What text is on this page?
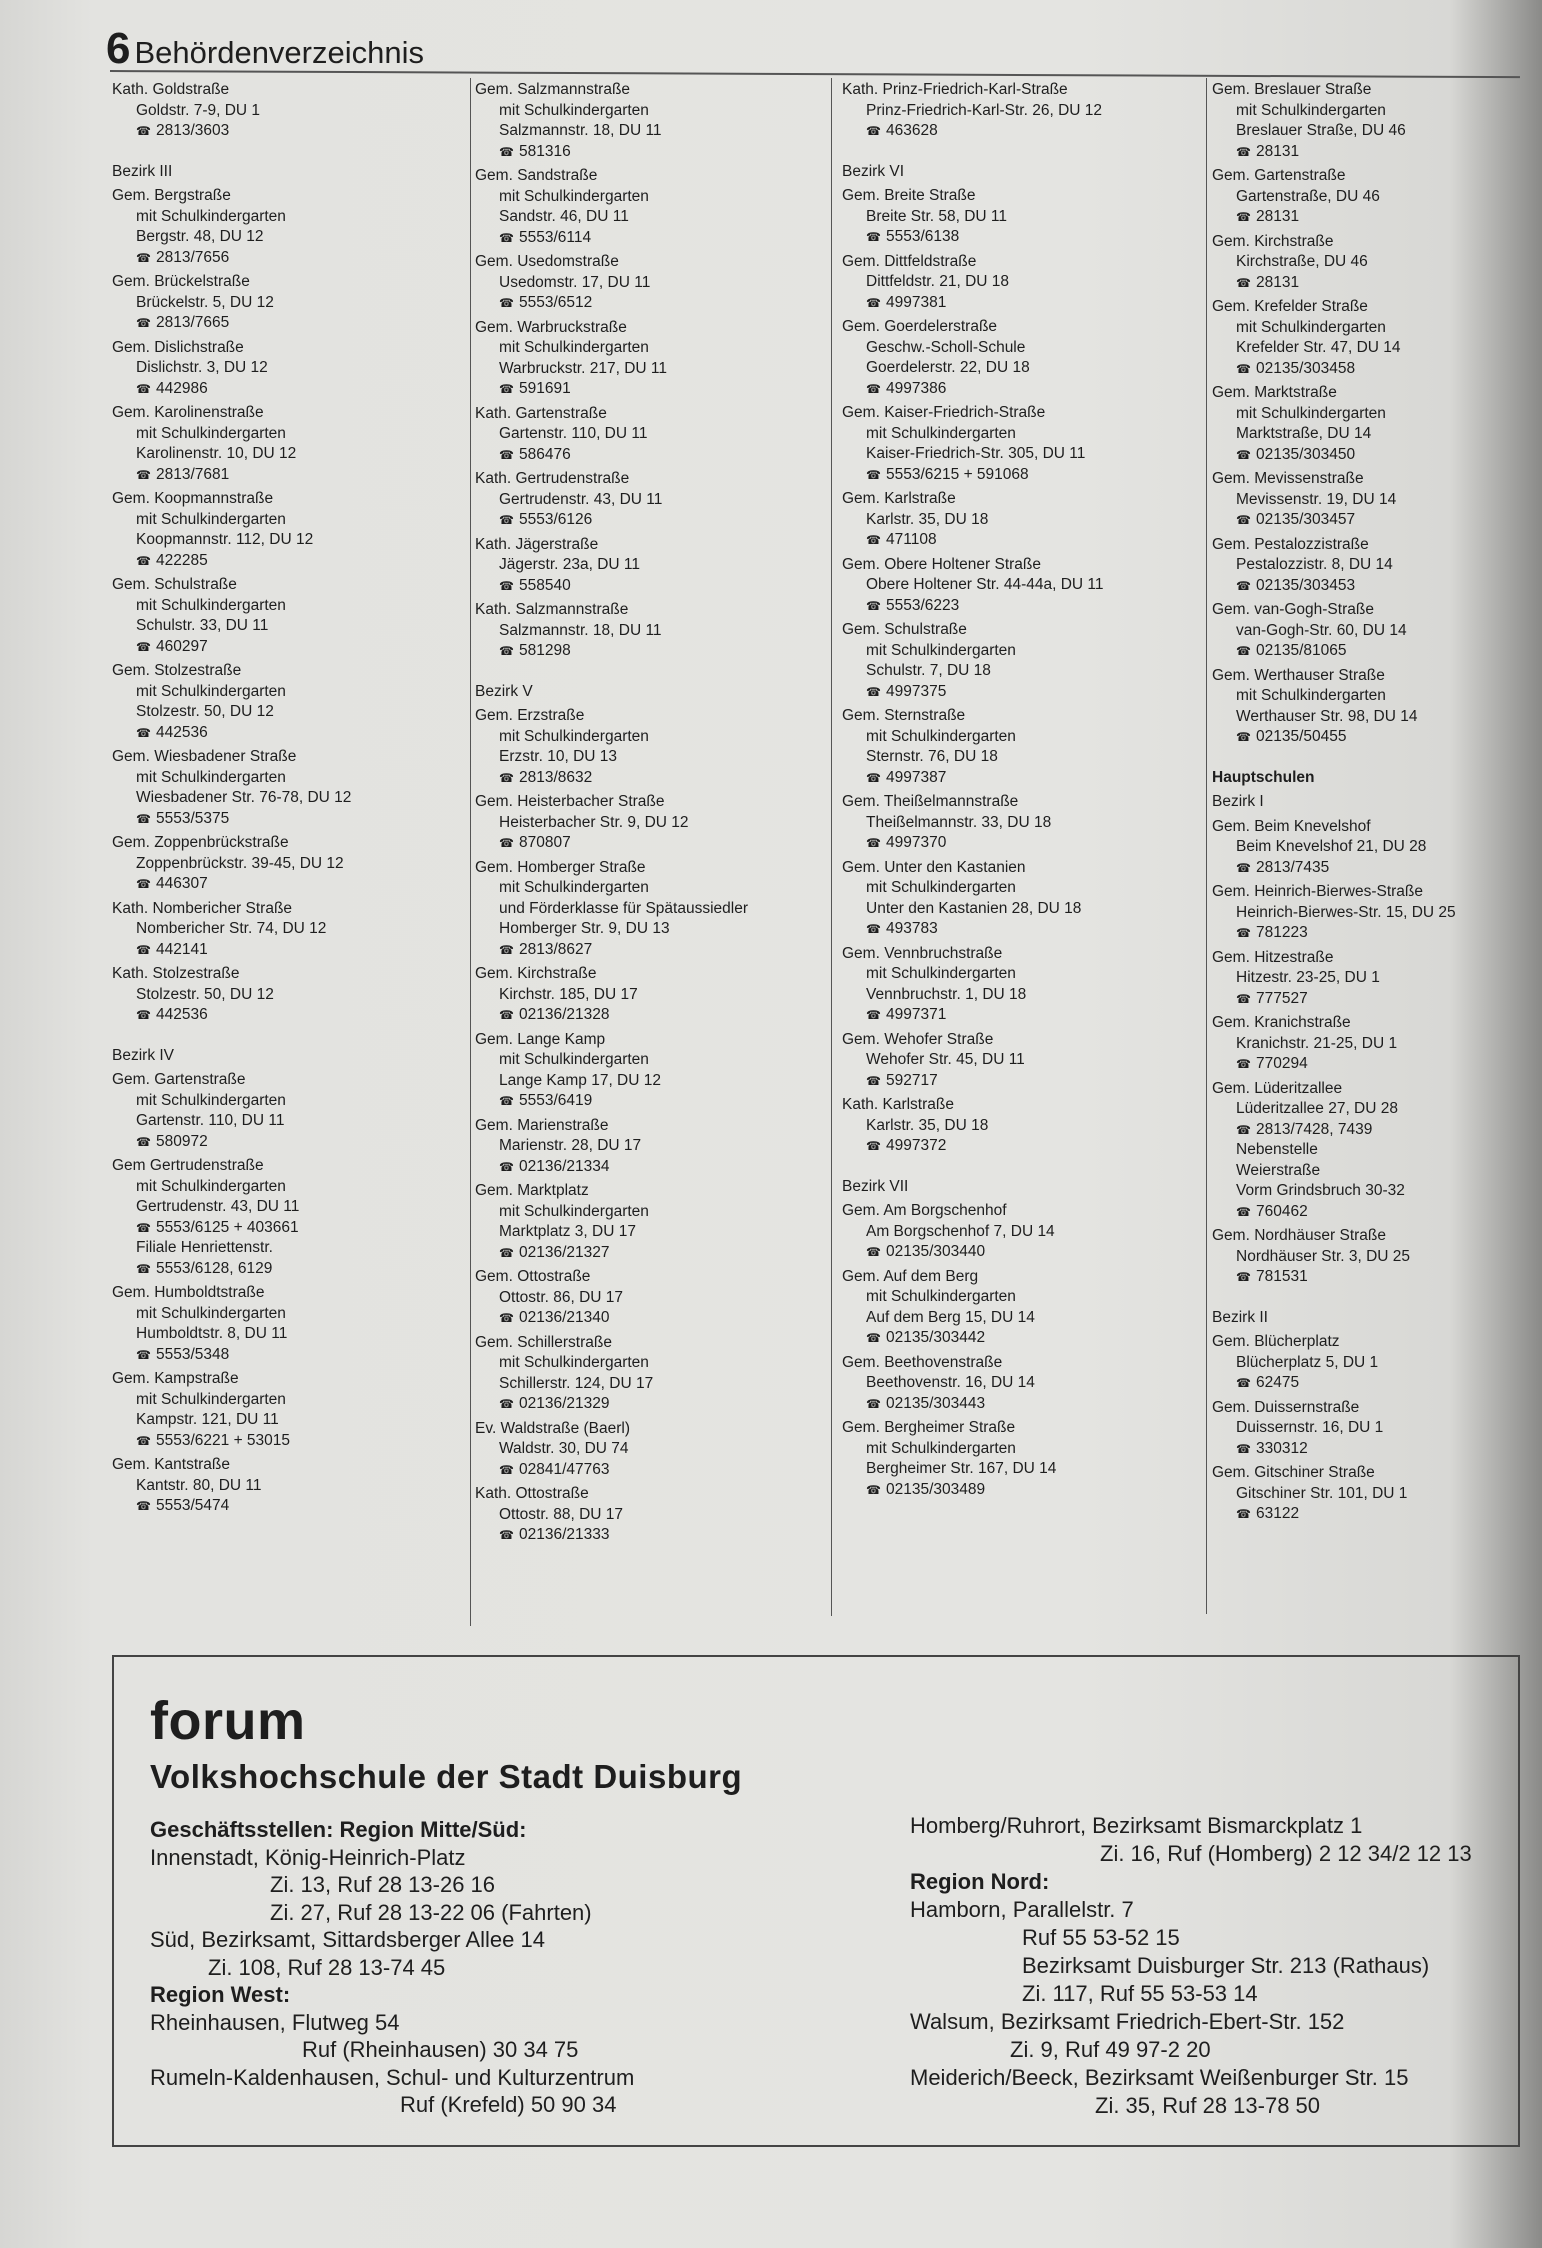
6 Behördenverzeichnis
Kath. Goldstraße
Goldstr. 7-9, DU 1
☎ 2813/3603
Bezirk III
Gem. Bergstraße
mit Schulkindergarten
Bergstr. 48, DU 12
☎ 2813/7656
Gem. Brückelstraße
Brückelstr. 5, DU 12
☎ 2813/7665
Gem. Dislichstraße
Dislichstr. 3, DU 12
☎ 442986
Gem. Karolinenstraße
mit Schulkindergarten
Karolinenstr. 10, DU 12
☎ 2813/7681
Gem. Koopmannstraße
mit Schulkindergarten
Koopmannstr. 112, DU 12
☎ 422285
Gem. Schulstraße
mit Schulkindergarten
Schulstr. 33, DU 11
☎ 460297
Gem. Stolzestraße
mit Schulkindergarten
Stolzestr. 50, DU 12
☎ 442536
Gem. Wiesbadener Straße
mit Schulkindergarten
Wiesbadener Str. 76-78, DU 12
☎ 5553/5375
Gem. Zoppenbrückstraße
Zoppenbrückstr. 39-45, DU 12
☎ 446307
Kath. Nombericher Straße
Nombericher Str. 74, DU 12
☎ 442141
Kath. Stolzestraße
Stolzestr. 50, DU 12
☎ 442536
Bezirk IV
Gem. Gartenstraße
mit Schulkindergarten
Gartenstr. 110, DU 11
☎ 580972
Gem Gertrudenstraße
mit Schulkindergarten
Gertrudenstr. 43, DU 11
☎ 5553/6125 + 403661
Filiale Henriettenstr.
☎ 5553/6128, 6129
Gem. Humboldtstraße
mit Schulkindergarten
Humboldtstr. 8, DU 11
☎ 5553/5348
Gem. Kampstraße
mit Schulkindergarten
Kampstr. 121, DU 11
☎ 5553/6221 + 53015
Gem. Kantstraße
Kantstr. 80, DU 11
☎ 5553/5474
Gem. Salzmannstraße
mit Schulkindergarten
Salzmannstr. 18, DU 11
☎ 581316
Gem. Sandstraße
mit Schulkindergarten
Sandstr. 46, DU 11
☎ 5553/6114
Gem. Usedomstraße
Usedomstr. 17, DU 11
☎ 5553/6512
Gem. Warbruckstraße
mit Schulkindergarten
Warbruckstr. 217, DU 11
☎ 591691
Kath. Gartenstraße
Gartenstr. 110, DU 11
☎ 586476
Kath. Gertrudenstraße
Gertrudenstr. 43, DU 11
☎ 5553/6126
Kath. Jägerstraße
Jägerstr. 23a, DU 11
☎ 558540
Kath. Salzmannstraße
Salzmannstr. 18, DU 11
☎ 581298
Bezirk V
Gem. Erzstraße
mit Schulkindergarten
Erzstr. 10, DU 13
☎ 2813/8632
Gem. Heisterbacher Straße
Heisterbacher Str. 9, DU 12
☎ 870807
Gem. Homberger Straße
mit Schulkindergarten
und Förderklasse für Spätaussiedler
Homberger Str. 9, DU 13
☎ 2813/8627
Gem. Kirchstraße
Kirchstr. 185, DU 17
☎ 02136/21328
Gem. Lange Kamp
mit Schulkindergarten
Lange Kamp 17, DU 12
☎ 5553/6419
Gem. Marienstraße
Marienstr. 28, DU 17
☎ 02136/21334
Gem. Marktplatz
mit Schulkindergarten
Marktplatz 3, DU 17
☎ 02136/21327
Gem. Ottostraße
Ottostr. 86, DU 17
☎ 02136/21340
Gem. Schillerstraße
mit Schulkindergarten
Schillerstr. 124, DU 17
☎ 02136/21329
Ev. Waldstraße (Baerl)
Waldstr. 30, DU 74
☎ 02841/47763
Kath. Ottostraße
Ottostr. 88, DU 17
☎ 02136/21333
Kath. Prinz-Friedrich-Karl-Straße
Prinz-Friedrich-Karl-Str. 26, DU 12
☎ 463628
Bezirk VI
Gem. Breite Straße
Breite Str. 58, DU 11
☎ 5553/6138
Gem. Dittfeldstraße
Dittfeldstr. 21, DU 18
☎ 4997381
Gem. Goerdelerstraße
Geschw.-Scholl-Schule
Goerdelerstr. 22, DU 18
☎ 4997386
Gem. Kaiser-Friedrich-Straße
mit Schulkindergarten
Kaiser-Friedrich-Str. 305, DU 11
☎ 5553/6215 + 591068
Gem. Karlstraße
Karlstr. 35, DU 18
☎ 471108
Gem. Obere Holtener Straße
Obere Holtener Str. 44-44a, DU 11
☎ 5553/6223
Gem. Schulstraße
mit Schulkindergarten
Schulstr. 7, DU 18
☎ 4997375
Gem. Sternstraße
mit Schulkindergarten
Sternstr. 76, DU 18
☎ 4997387
Gem. Theißelmannstraße
Theißelmannstr. 33, DU 18
☎ 4997370
Gem. Unter den Kastanien
mit Schulkindergarten
Unter den Kastanien 28, DU 18
☎ 493783
Gem. Vennbruchstraße
mit Schulkindergarten
Vennbruchstr. 1, DU 18
☎ 4997371
Gem. Wehofer Straße
Wehofer Str. 45, DU 11
☎ 592717
Kath. Karlstraße
Karlstr. 35, DU 18
☎ 4997372
Bezirk VII
Gem. Am Borgschenhof
Am Borgschenhof 7, DU 14
☎ 02135/303440
Gem. Auf dem Berg
mit Schulkindergarten
Auf dem Berg 15, DU 14
☎ 02135/303442
Gem. Beethovenstraße
Beethovenstr. 16, DU 14
☎ 02135/303443
Gem. Bergheimer Straße
mit Schulkindergarten
Bergheimer Str. 167, DU 14
☎ 02135/303489
Gem. Breslauer Straße
mit Schulkindergarten
Breslauer Straße, DU 46
☎ 28131
Gem. Gartenstraße
Gartenstraße, DU 46
☎ 28131
Gem. Kirchstraße
Kirchstraße, DU 46
☎ 28131
Gem. Krefelder Straße
mit Schulkindergarten
Krefelder Str. 47, DU 14
☎ 02135/303458
Gem. Marktstraße
mit Schulkindergarten
Marktstraße, DU 14
☎ 02135/303450
Gem. Mevissenstraße
Mevissenstr. 19, DU 14
☎ 02135/303457
Gem. Pestalozzistraße
Pestalozzistr. 8, DU 14
☎ 02135/303453
Gem. van-Gogh-Straße
van-Gogh-Str. 60, DU 14
☎ 02135/81065
Gem. Werthauser Straße
mit Schulkindergarten
Werthauser Str. 98, DU 14
☎ 02135/50455
Hauptschulen
Bezirk I
Gem. Beim Knevelshof
Beim Knevelshof 21, DU 28
☎ 2813/7435
Gem. Heinrich-Bierwes-Straße
Heinrich-Bierwes-Str. 15, DU 25
☎ 781223
Gem. Hitzestraße
Hitzestr. 23-25, DU 1
☎ 777527
Gem. Kranichstraße
Kranichstr. 21-25, DU 1
☎ 770294
Gem. Lüderitzallee
Lüderitzallee 27, DU 28
☎ 2813/7428, 7439
Nebenstelle
Weierstraße
Vorm Grindsbruch 30-32
☎ 760462
Gem. Nordhäuser Straße
Nordhäuser Str. 3, DU 25
☎ 781531
Bezirk II
Gem. Blücherplatz
Blücherplatz 5, DU 1
☎ 62475
Gem. Duissernstraße
Duissernstr. 16, DU 1
☎ 330312
Gem. Gitschiner Straße
Gitschiner Str. 101, DU 1
☎ 63122
forum
Volkshochschule der Stadt Duisburg
Geschäftsstellen: Region Mitte/Süd:
Innenstadt, König-Heinrich-Platz
Zi. 13, Ruf 28 13-26 16
Zi. 27, Ruf 28 13-22 06 (Fahrten)
Süd, Bezirksamt, Sittardsberger Allee 14
Zi. 108, Ruf 28 13-74 45
Region West:
Rheinhausen, Flutweg 54
Ruf (Rheinhausen) 30 34 75
Rumeln-Kaldenhausen, Schul- und Kulturzentrum
Ruf (Krefeld) 50 90 34
Homberg/Ruhrort, Bezirksamt Bismarckplatz 1
Zi. 16, Ruf (Homberg) 2 12 34/2 12 13
Region Nord:
Hamborn, Parallelstr. 7
Ruf 55 53-52 15
Bezirksamt Duisburger Str. 213 (Rathaus)
Zi. 117, Ruf 55 53-53 14
Walsum, Bezirksamt Friedrich-Ebert-Str. 152
Zi. 9, Ruf 49 97-2 20
Meiderich/Beeck, Bezirksamt Weißenburger Str. 15
Zi. 35, Ruf 28 13-78 50
